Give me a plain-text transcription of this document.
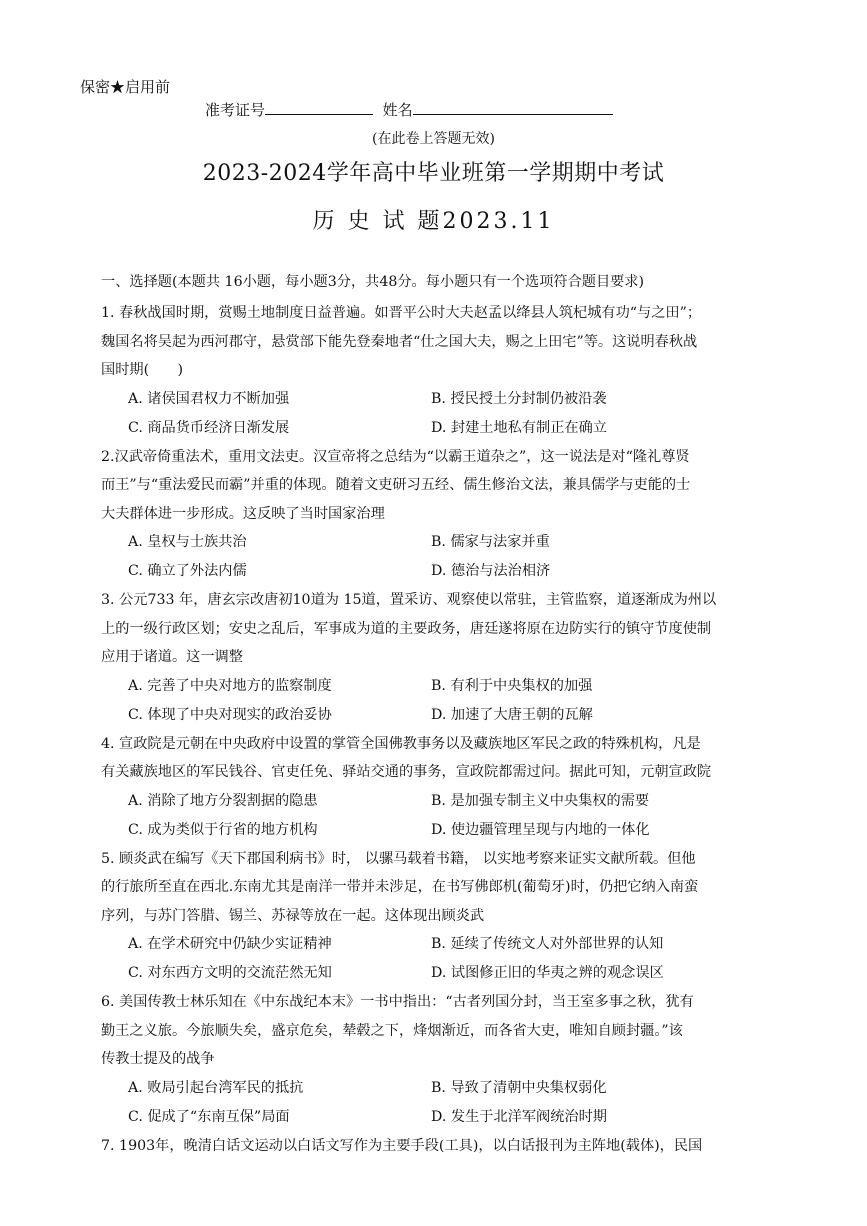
保密★启用前
准考证号	姓名
(在此卷上答题无效)
2023-2024学年高中毕业班第一学期期中考试
历 史 试 题2023.11
一、选择题(本题共 16小题，每小题3分，共48分。每小题只有一个选项符合题目要求)

1. 春秋战国时期，赏赐土地制度日益普遍。如晋平公时大夫赵孟以绛县人筑杞城有功“与之田”；

魏国名将吴起为西河郡守，悬赏部下能先登秦地者“仕之国大夫，赐之上田宅”等。这说明春秋战

国时期(　　)

A. 诸侯国君权力不断加强	B. 授民授土分封制仍被沿袭
C. 商品货币经济日渐发展	D. 封建土地私有制正在确立

2.汉武帝倚重法术，重用文法吏。汉宣帝将之总结为“以霸王道杂之”，这一说法是对“隆礼尊贤

而王”与“重法爱民而霸”并重的体现。随着文吏研习五经、儒生修治文法，兼具儒学与吏能的士

大夫群体进一步形成。这反映了当时国家治理

A. 皇权与士族共治	B. 儒家与法家并重
C. 确立了外法内儒	D. 德治与法治相济

3. 公元733 年，唐玄宗改唐初10道为 15道，置采访、观察使以常驻，主管监察，道逐渐成为州以

上的一级行政区划；安史之乱后，军事成为道的主要政务，唐廷遂将原在边防实行的镇守节度使制

应用于诸道。这一调整

A. 完善了中央对地方的监察制度	B. 有利于中央集权的加强
C. 体现了中央对现实的政治妥协	D. 加速了大唐王朝的瓦解

4. 宣政院是元朝在中央政府中设置的掌管全国佛教事务以及藏族地区军民之政的特殊机构，凡是

有关藏族地区的军民钱谷、官吏任免、驿站交通的事务，宣政院都需过问。据此可知，元朝宣政院

A. 消除了地方分裂割据的隐患	B. 是加强专制主义中央集权的需要
C. 成为类似于行省的地方机构	D. 使边疆管理呈现与内地的一体化

5. 顾炎武在编写《天下郡国利病书》时， 以骡马载着书籍， 以实地考察来证实文献所载。但他

的行旅所至直在西北.东南尤其是南洋一带并未涉足，在书写佛郎机(葡萄牙)时，仍把它纳入南蛮

序列，与苏门答腊、锡兰、苏禄等放在一起。这体现出顾炎武

A. 在学术研究中仍缺少实证精神	B. 延续了传统文人对外部世界的认知
C. 对东西方文明的交流茫然无知	D. 试图修正旧的华夷之辨的观念误区

6. 美国传教士林乐知在《中东战纪本末》一书中指出：“古者列国分封，当王室多事之秋，犹有

勤王之义旅。今旅顺失矣，盛京危矣，辇毂之下，烽烟渐近，而各省大吏，唯知自顾封疆。”该

传教士提及的战争

A. 败局引起台湾军民的抵抗	B. 导致了清朝中央集权弱化
C. 促成了“东南互保”局面	D. 发生于北洋军阀统治时期

7. 1903年，晚清白话文运动以白话文写作为主要手段(工具)，以白话报刊为主阵地(载体)，民国
